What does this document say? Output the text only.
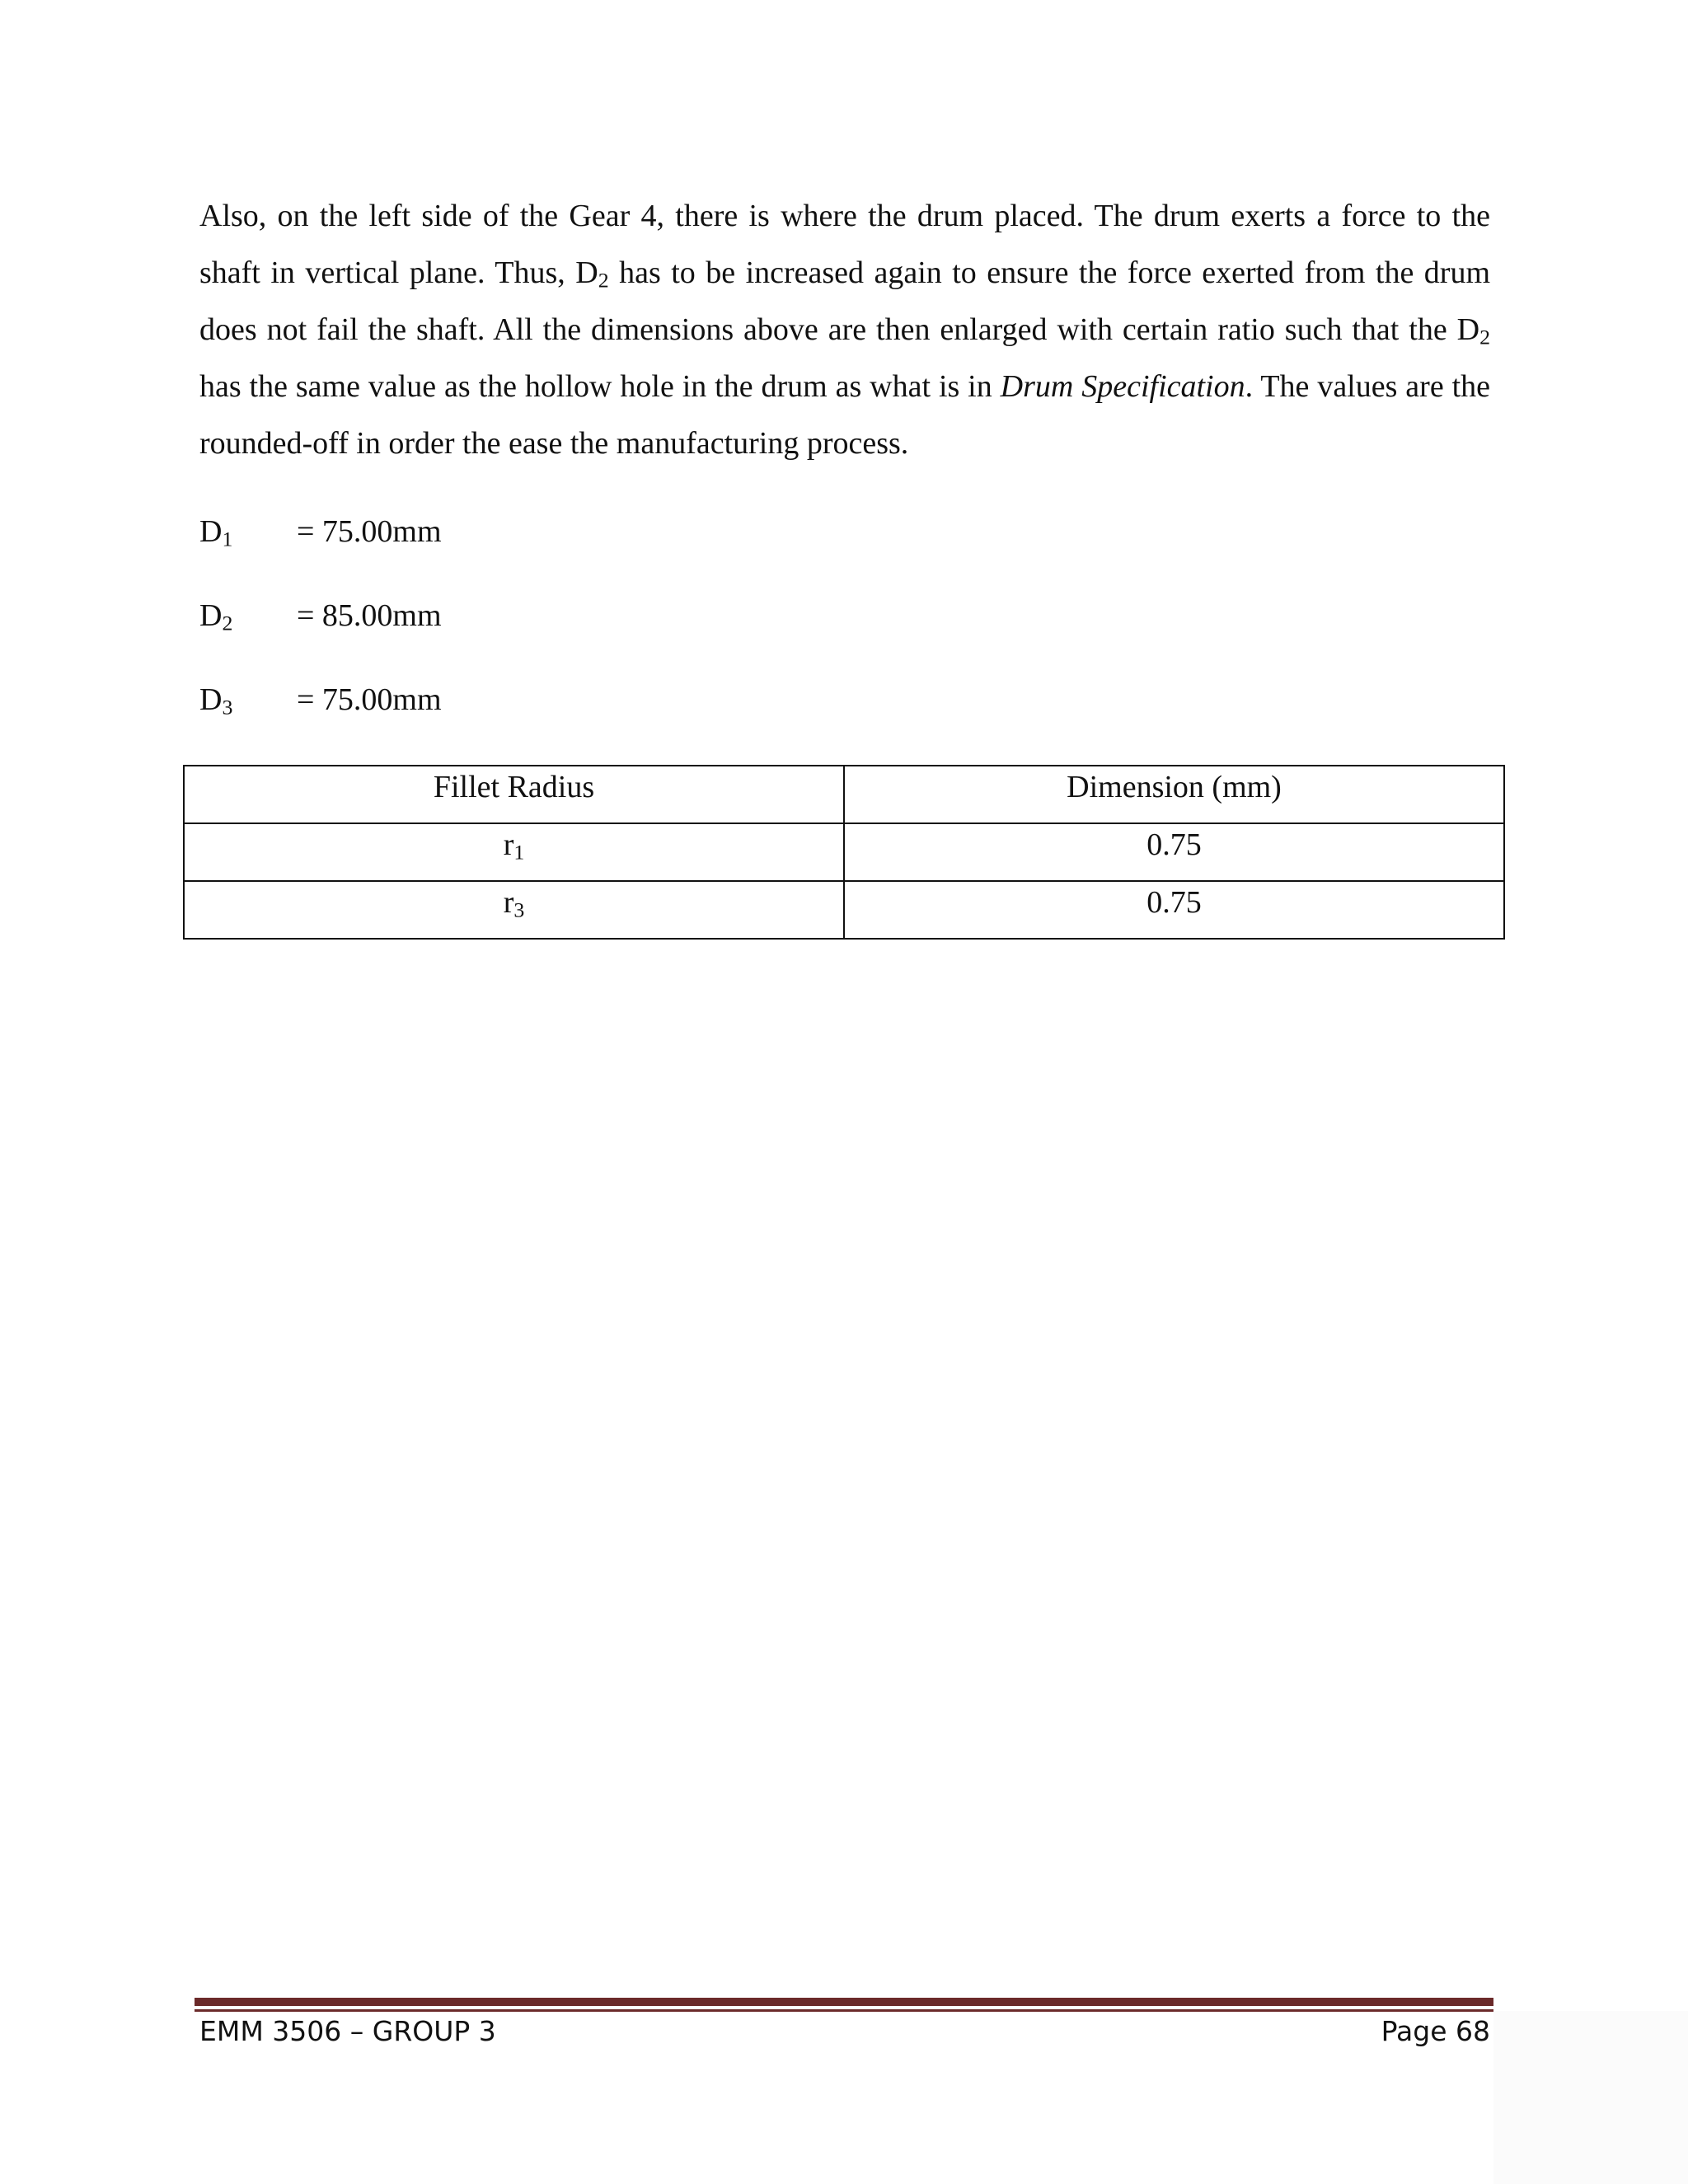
Also, on the left side of the Gear 4, there is where the drum placed. The drum exerts a force to the shaft in vertical plane. Thus, $D_2$ has to be increased again to ensure the force exerted from the drum does not fail the shaft. All the dimensions above are then enlarged with certain ratio such that the $D_2$ has the same value as the hollow hole in the drum as what is in Drum Specification. The values are the rounded-off in order the ease the manufacturing process.

$D_1 = 75.00mm$
$D_2 = 85.00mm$
$D_3 = 75.00mm$
Fillet Radius	Dimension (mm)
$r_1$	0.75
$r_3$	0.75
EMM 3506 – GROUP 3	Page 68
